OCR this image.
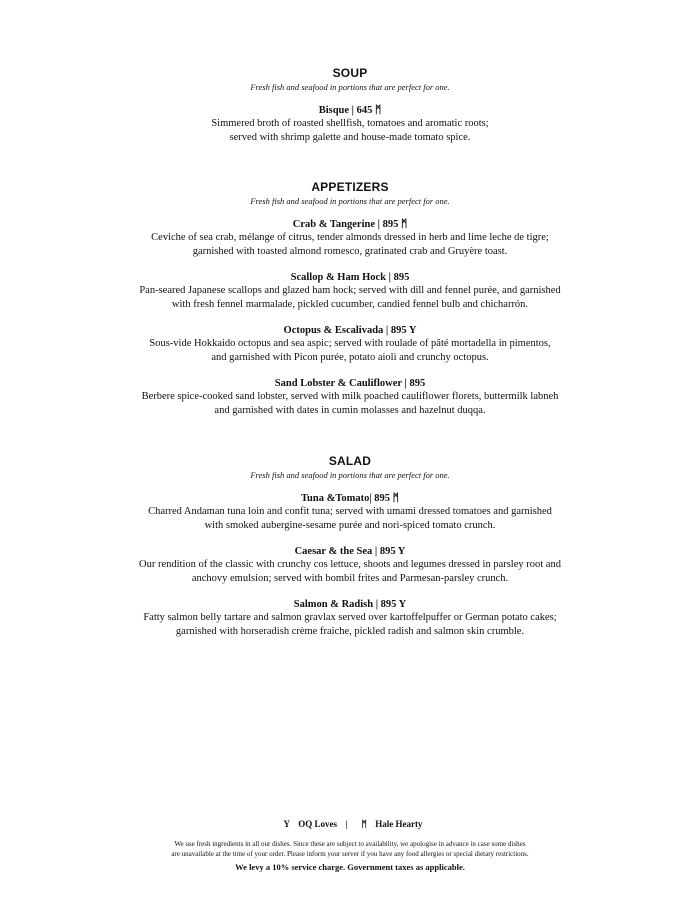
SOUP
Fresh fish and seafood in portions that are perfect for one.
Bisque | 645 ᛗ
Simmered broth of roasted shellfish, tomatoes and aromatic roots;
served with shrimp galette and house-made tomato spice.
APPETIZERS
Fresh fish and seafood in portions that are perfect for one.
Crab & Tangerine | 895 ᛗ
Ceviche of sea crab, mélange of citrus, tender almonds dressed in herb and lime leche de tigre;
garnished with toasted almond romesco, gratinated crab and Gruyère toast.
Scallop & Ham Hock | 895
Pan-seared Japanese scallops and glazed ham hock; served with dill and fennel purée, and garnished
with fresh fennel marmalade, pickled cucumber, candied fennel bulb and chicharrón.
Octopus & Escalivada | 895 Y
Sous-vide Hokkaido octopus and sea aspic; served with roulade of pâté mortadella in pimentos,
and garnished with Picon purée, potato aioli and crunchy octopus.
Sand Lobster & Cauliflower | 895
Berbere spice-cooked sand lobster, served with milk poached cauliflower florets, buttermilk labneh
and garnished with dates in cumin molasses and hazelnut duqqa.
SALAD
Fresh fish and seafood in portions that are perfect for one.
Tuna &Tomato| 895 ᛗ
Charred Andaman tuna loin and confit tuna; served with umami dressed tomatoes and garnished
with smoked aubergine-sesame purée and nori-spiced tomato crunch.
Caesar & the Sea | 895 Y
Our rendition of the classic with crunchy cos lettuce, shoots and legumes dressed in parsley root and
anchovy emulsion; served with bombil frites and Parmesan-parsley crunch.
Salmon & Radish | 895 Y
Fatty salmon belly tartare and salmon gravlax served over kartoffelpuffer or German potato cakes;
garnished with horseradish crème fraiche, pickled radish and salmon skin crumble.
Y OQ Loves | ᛗ Hale Hearty
We use fresh ingredients in all our dishes. Since these are subject to availability, we apologise in advance in case some dishes
are unavailable at the time of your order. Please inform your server if you have any food allergies or special dietary restrictions.
We levy a 10% service charge. Government taxes as applicable.
